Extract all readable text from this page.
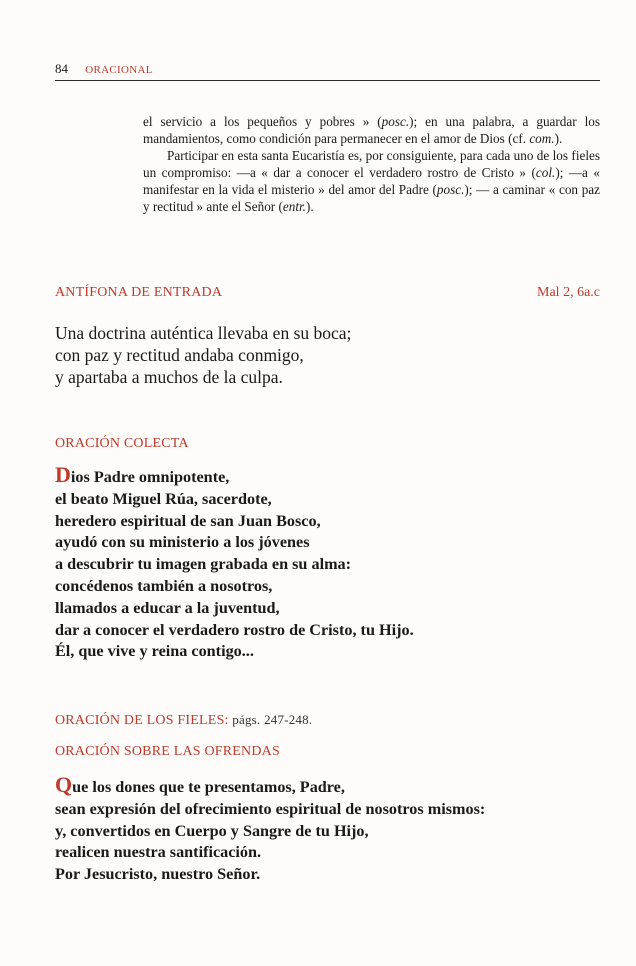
84 ORACIONAL

el servicio a los pequeños y pobres » (posc.); en una palabra, a guardar los mandamientos, como condición para permanecer en el amor de Dios (cf. com.).

Participar en esta santa Eucaristía es, por consiguiente, para cada uno de los fieles un compromiso: —a « dar a conocer el verdadero rostro de Cristo » (col.); —a « manifestar en la vida el misterio » del amor del Padre (posc.); — a caminar « con paz y rectitud » ante el Señor (entr.).

ANTÍFONA DE ENTRADA	Mal 2, 6a.c
Una doctrina auténtica llevaba en su boca;
con paz y rectitud andaba conmigo,
y apartaba a muchos de la culpa.
ORACIÓN COLECTA
Dios Padre omnipotente,
el beato Miguel Rúa, sacerdote,
heredero espiritual de san Juan Bosco,
ayudó con su ministerio a los jóvenes
a descubrir tu imagen grabada en su alma:
concédenos también a nosotros,
llamados a educar a la juventud,
dar a conocer el verdadero rostro de Cristo, tu Hijo.
Él, que vive y reina contigo...
ORACIÓN DE LOS FIELES: págs. 247-248.
ORACIÓN SOBRE LAS OFRENDAS
Que los dones que te presentamos, Padre,
sean expresión del ofrecimiento espiritual de nosotros mismos:
y, convertidos en Cuerpo y Sangre de tu Hijo,
realicen nuestra santificación.
Por Jesucristo, nuestro Señor.
